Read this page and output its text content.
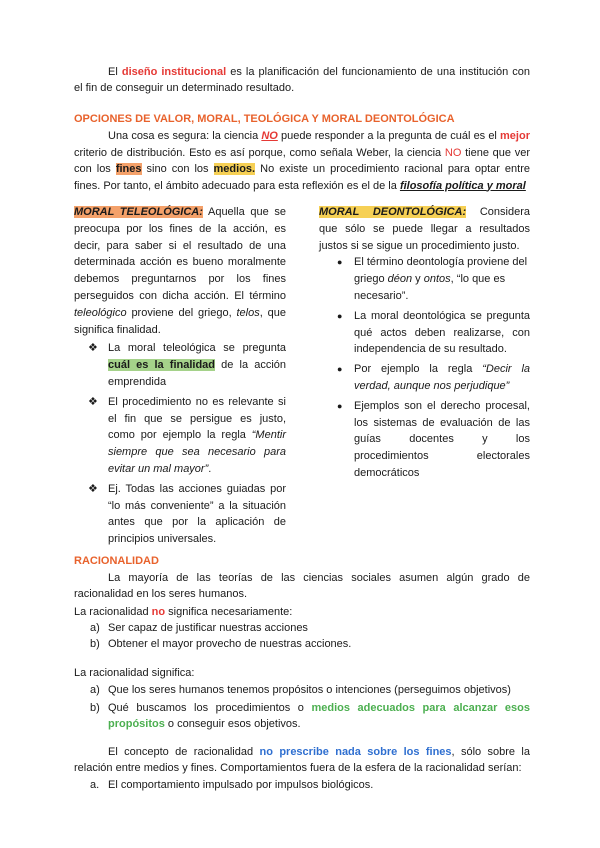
El diseño institucional es la planificación del funcionamiento de una institución con el fin de conseguir un determinado resultado.

OPCIONES DE VALOR, MORAL, TEOLÓGICA Y MORAL DEONTOLÓGICA

Una cosa es segura: la ciencia NO puede responder a la pregunta de cuál es el mejor criterio de distribución. Esto es así porque, como señala Weber, la ciencia NO tiene que ver con los fines sino con los medios. No existe un procedimiento racional para optar entre fines. Por tanto, el ámbito adecuado para esta reflexión es el de la filosofía política y moral

MORAL TELEOLÓGICA: Aquella que se preocupa por los fines de la acción, es decir, para saber si el resultado de una determinada acción es bueno moralmente debemos preguntarnos por los fines perseguidos con dicha acción. El término teleológico proviene del griego, telos, que significa finalidad.

❖ La moral teleológica se pregunta cuál es la finalidad de la acción emprendida
❖ El procedimiento no es relevante si el fin que se persigue es justo, como por ejemplo la regla “Mentir siempre que sea necesario para evitar un mal mayor”.
❖ Ej. Todas las acciones guiadas por “lo más conveniente” a la situación antes que por la aplicación de principios universales.

MORAL DEONTOLÓGICA: Considera que sólo se puede llegar a resultados justos si se sigue un procedimiento justo.

● El término deontología proviene del griego déon y ontos, “lo que es necesario”.
● La moral deontológica se pregunta qué actos deben realizarse, con independencia de su resultado.
● Por ejemplo la regla “Decir la verdad, aunque nos perjudique”
● Ejemplos son el derecho procesal, los sistemas de evaluación de las guías docentes y los procedimientos electorales democráticos

RACIONALIDAD

La mayoría de las teorías de las ciencias sociales asumen algún grado de racionalidad en los seres humanos.

La racionalidad no significa necesariamente:

a) Ser capaz de justificar nuestras acciones
b) Obtener el mayor provecho de nuestras acciones.

La racionalidad significa:

a) Que los seres humanos tenemos propósitos o intenciones (perseguimos objetivos)
b) Qué buscamos los procedimientos o medios adecuados para alcanzar esos propósitos o conseguir esos objetivos.

El concepto de racionalidad no prescribe nada sobre los fines, sólo sobre la relación entre medios y fines. Comportamientos fuera de la esfera de la racionalidad serían:

a. El comportamiento impulsado por impulsos biológicos.
